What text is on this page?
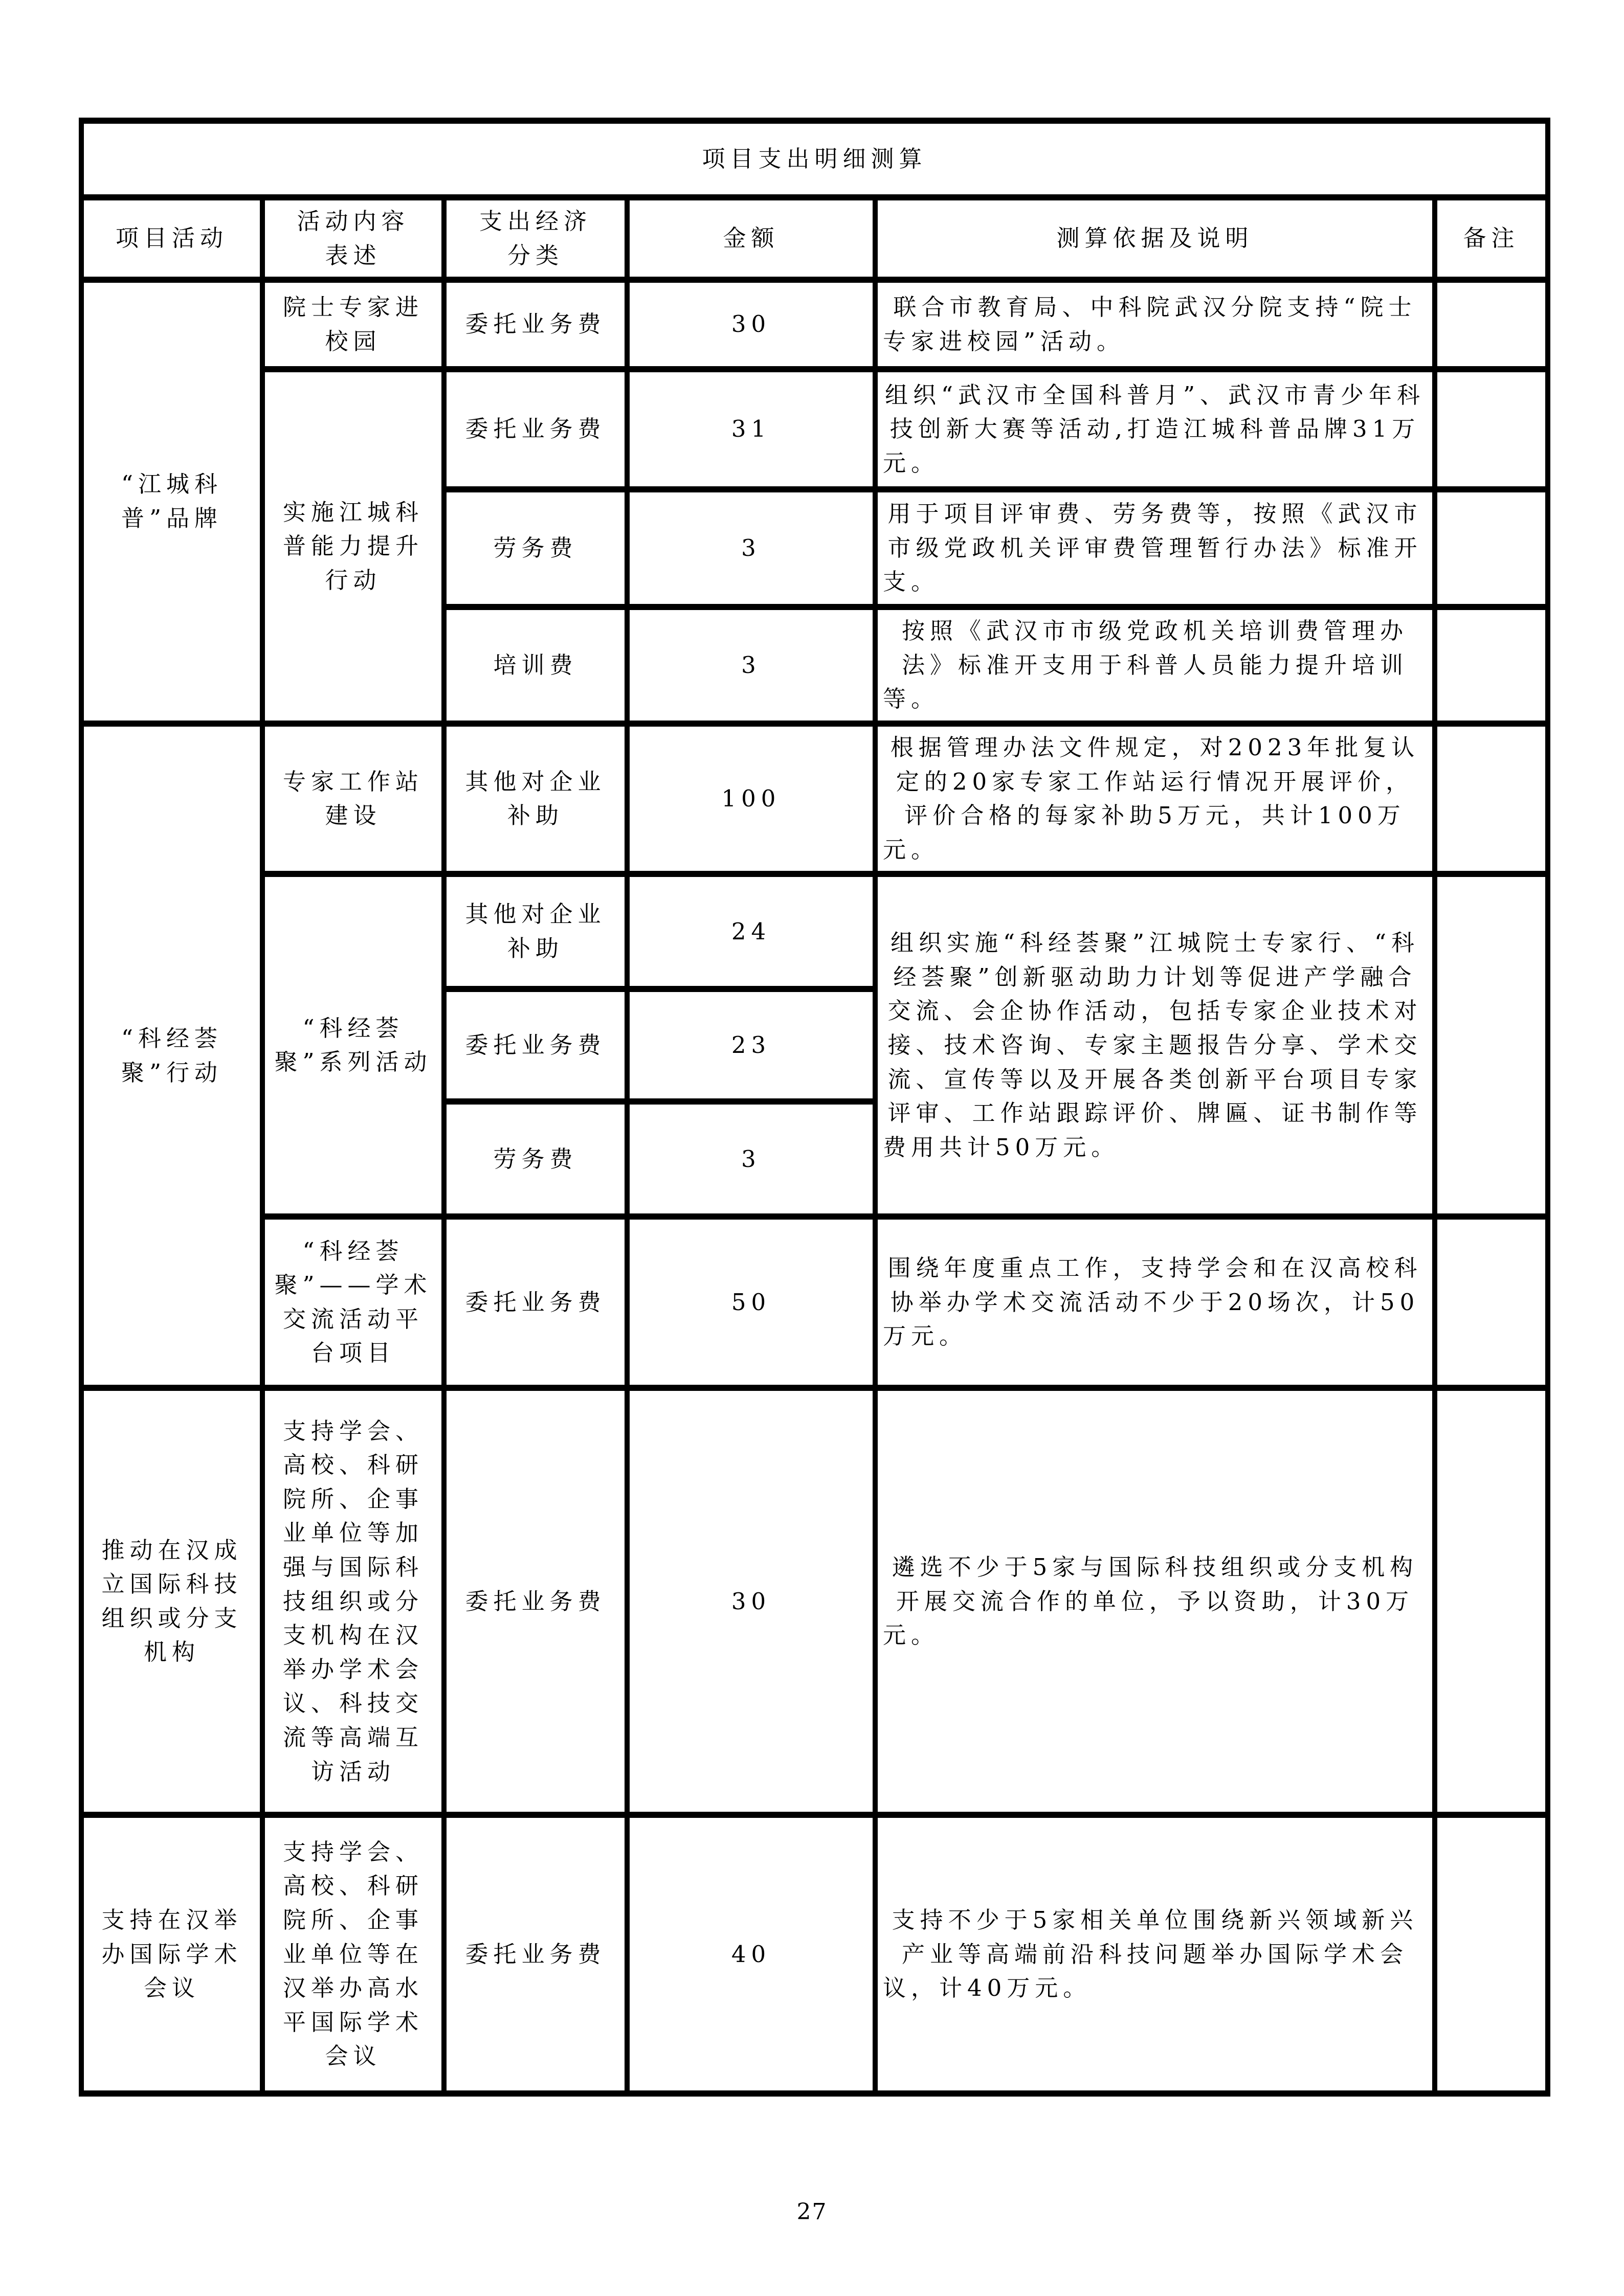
项目支出明细测算					
项目活动	活动内容表述	支出经济分类	金额	测算依据及说明	备注
“江城科普”品牌	院士专家进校园	委托业务费	30	联合市教育局、中科院武汉分院支持“院士专家进校园”活动。	
	实施江城科普能力提升行动	委托业务费	31	组织“武汉市全国科普月”、武汉市青少年科技创新大赛等活动,打造江城科普品牌31万元。	
		劳务费	3	用于项目评审费、劳务费等，按照《武汉市市级党政机关评审费管理暂行办法》标准开支。	
		培训费	3	按照《武汉市市级党政机关培训费管理办法》标准开支用于科普人员能力提升培训等。	
“科经荟聚”行动	专家工作站建设	其他对企业补助	100	根据管理办法文件规定，对2023年批复认定的20家专家工作站运行情况开展评价，评价合格的每家补助5万元，共计100万元。	
	“科经荟聚”系列活动	其他对企业补助	24	组织实施“科经荟聚”江城院士专家行、“科经荟聚”创新驱动助力计划等促进产学融合交流、会企协作活动，包括专家企业技术对接、技术咨询、专家主题报告分享、学术交流、宣传等以及开展各类创新平台项目专家评审、工作站跟踪评价、牌匾、证书制作等费用共计50万元。	
		委托业务费	23		
		劳务费	3		
	“科经荟聚”——学术交流活动平台项目	委托业务费	50	围绕年度重点工作，支持学会和在汉高校科协举办学术交流活动不少于20场次，计50万元。	
推动在汉成立国际科技组织或分支机构	支持学会、高校、科研院所、企事业单位等加强与国际科技组织或分支机构在汉举办学术会议、科技交流等高端互访活动	委托业务费	30	遴选不少于5家与国际科技组织或分支机构开展交流合作的单位，予以资助，计30万元。	
支持在汉举办国际学术会议	支持学会、高校、科研院所、企事业单位等在汉举办高水平国际学术会议	委托业务费	40	支持不少于5家相关单位围绕新兴领域新兴产业等高端前沿科技问题举办国际学术会议，计40万元。	
27
